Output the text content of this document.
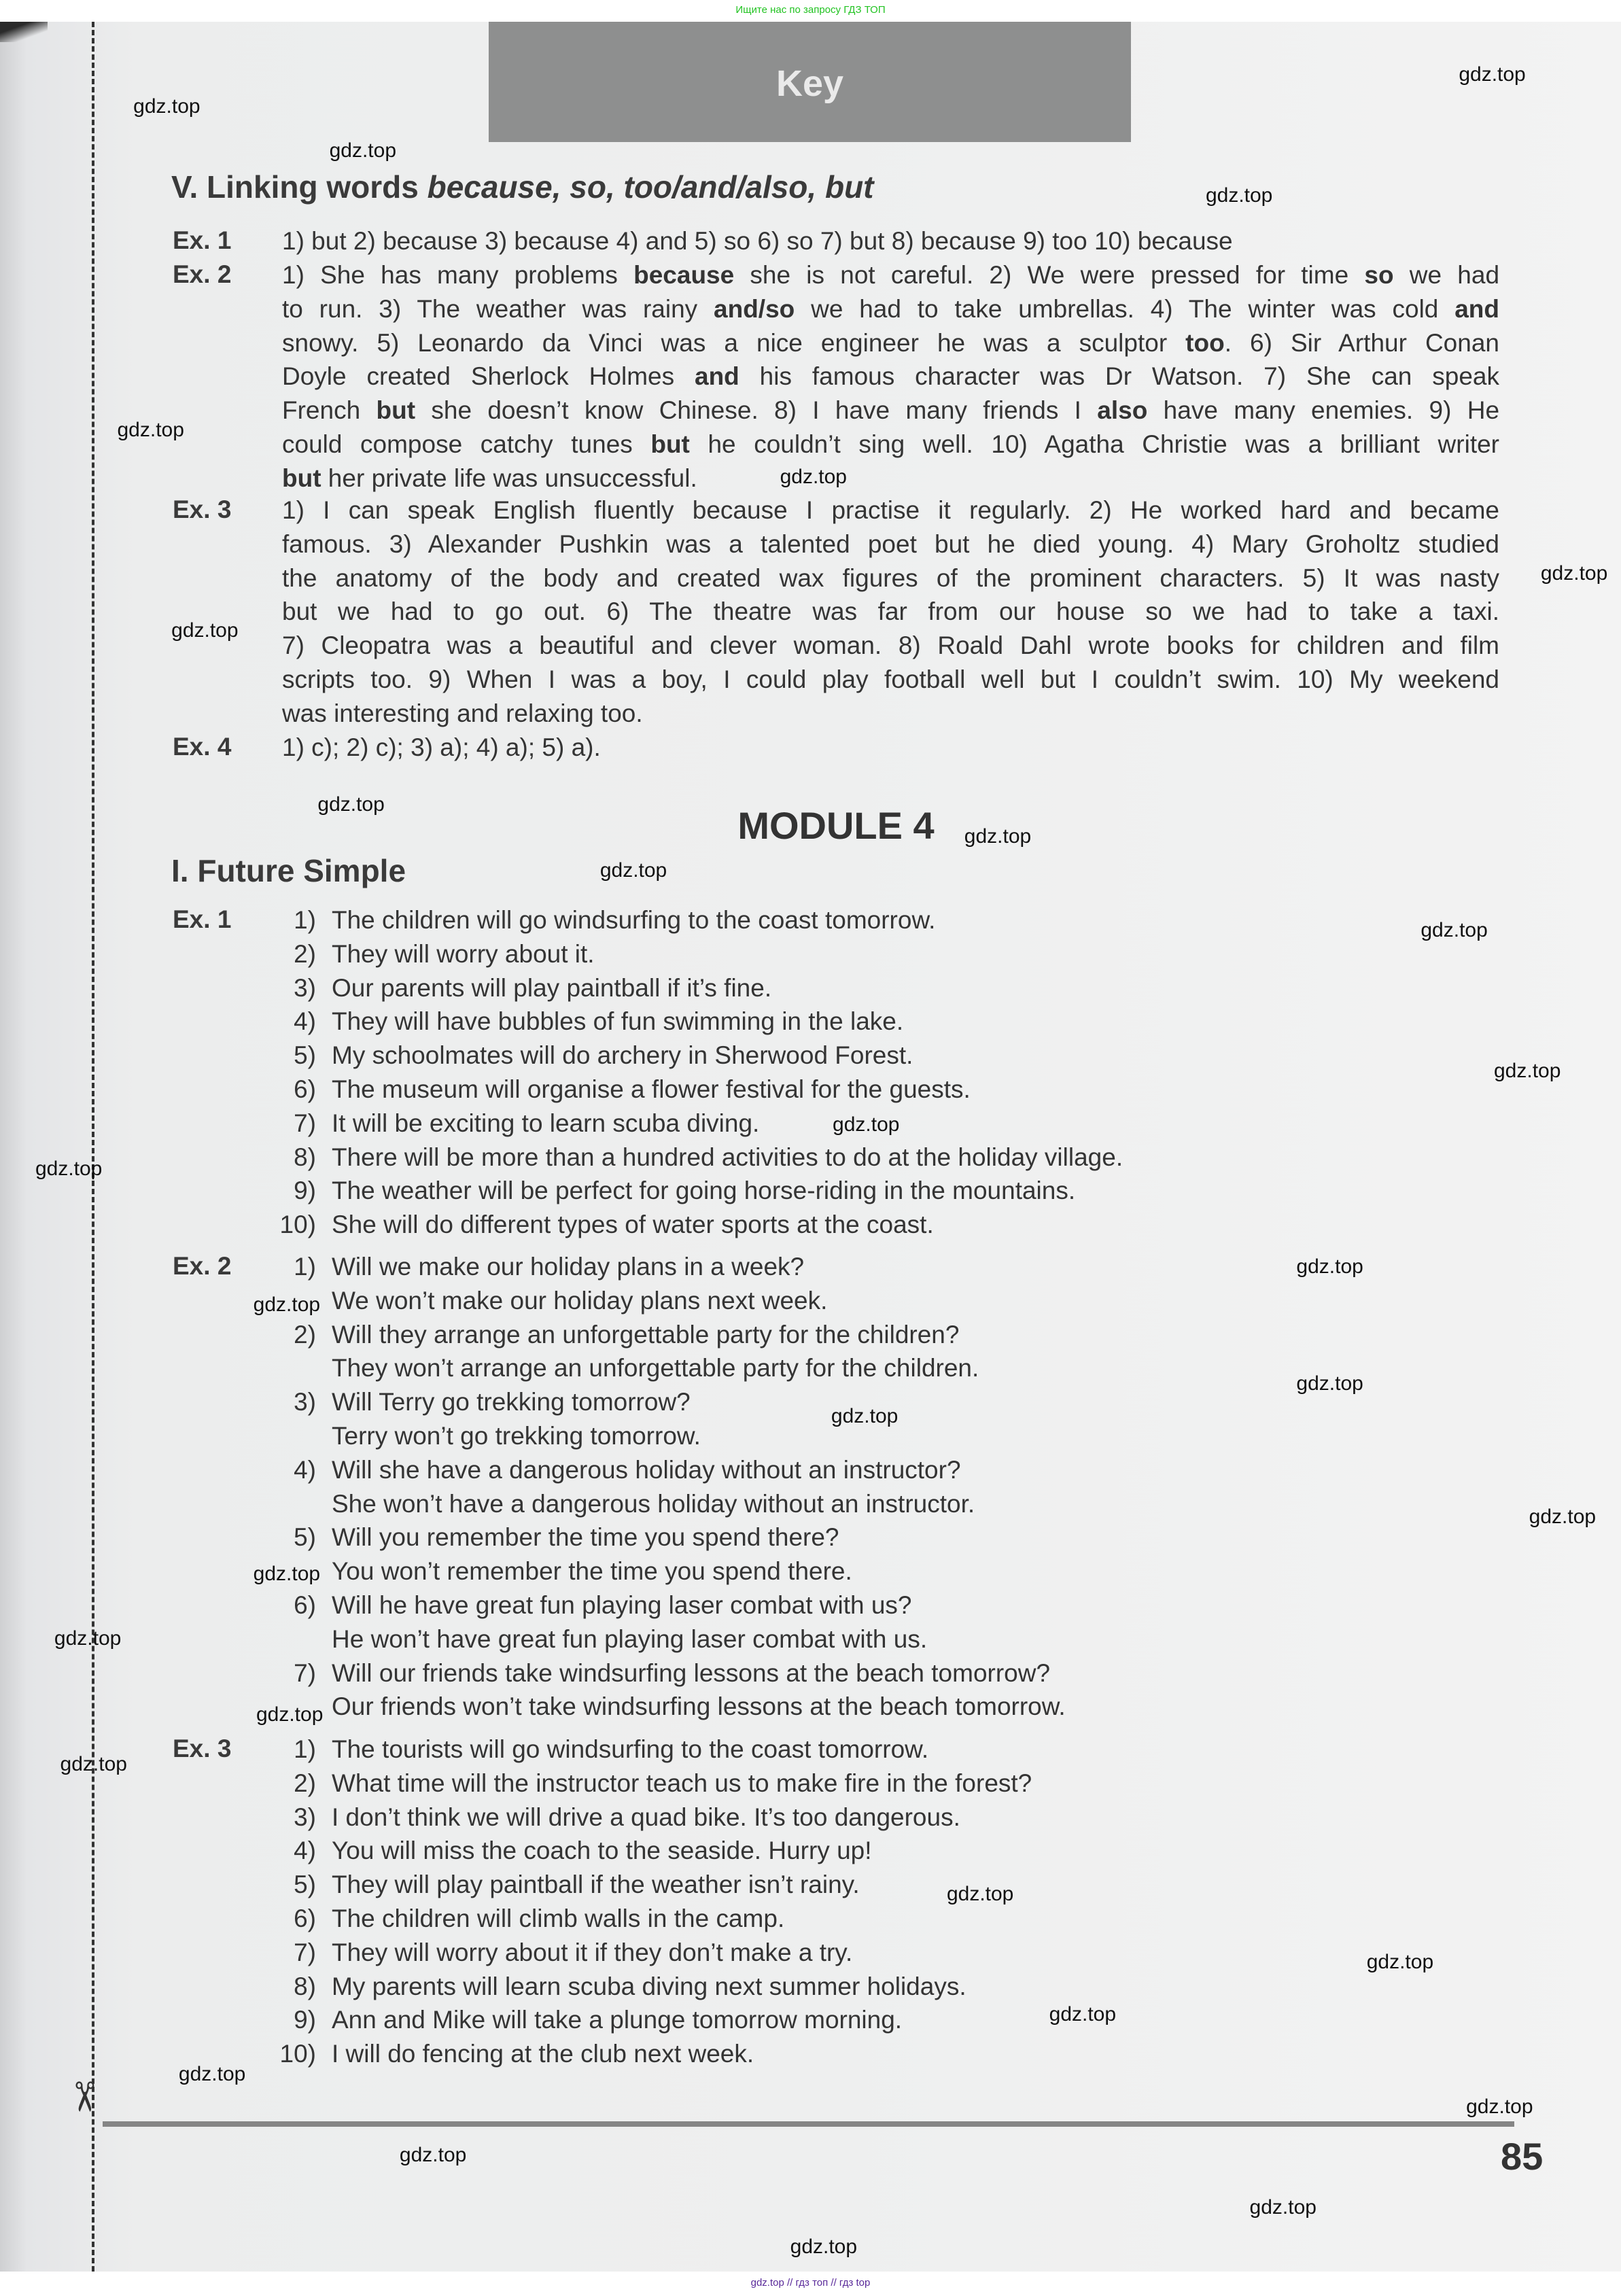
Ищите нас по запросу ГДЗ ТОП
Key
V. Linking words because, so, too/and/also, but
Ex. 1 1) but 2) because 3) because 4) and 5) so 6) so 7) but 8) because 9) too 10) because
Ex. 2 1) She has many problems because she is not careful. 2) We were pressed for time so we had
to run. 3) The weather was rainy and/so we had to take umbrellas. 4) The winter was cold and
snowy. 5) Leonardo da Vinci was a nice engineer he was a sculptor too. 6) Sir Arthur Conan
Doyle created Sherlock Holmes and his famous character was Dr Watson. 7) She can speak
French but she doesn’t know Chinese. 8) I have many friends I also have many enemies. 9) He
could compose catchy tunes but he couldn’t sing well. 10) Agatha Christie was a brilliant writer
but her private life was unsuccessful.
Ex. 3 1) I can speak English fluently because I practise it regularly. 2) He worked hard and became
famous. 3) Alexander Pushkin was a talented poet but he died young. 4) Mary Groholtz studied
the anatomy of the body and created wax figures of the prominent characters. 5) It was nasty
but we had to go out. 6) The theatre was far from our house so we had to take a taxi.
7) Cleopatra was a beautiful and clever woman. 8) Roald Dahl wrote books for children and film
scripts too. 9) When I was a boy, I could play football well but I couldn’t swim. 10) My weekend
was interesting and relaxing too.
Ex. 4 1) c); 2) c); 3) a); 4) a); 5) a).
Ex. 1	1) The children will go windsurfing to the coast tomorrow.
2) They will worry about it.
3) Our parents will play paintball if it’s fine.
4) They will have bubbles of fun swimming in the lake.
5) My schoolmates will do archery in Sherwood Forest.
6) The museum will organise a flower festival for the guests.
7) It will be exciting to learn scuba diving.
8) There will be more than a hundred activities to do at the holiday village.
9) The weather will be perfect for going horse-riding in the mountains.
10) She will do different types of water sports at the coast.
Ex. 2	1) Will we make our holiday plans in a week?
We won’t make our holiday plans next week.
2) Will they arrange an unforgettable party for the children?
They won’t arrange an unforgettable party for the children.
3) Will Terry go trekking tomorrow?
Terry won’t go trekking tomorrow.
4) Will she have a dangerous holiday without an instructor?
She won’t have a dangerous holiday without an instructor.
5) Will you remember the time you spend there?
You won’t remember the time you spend there.
6) Will he have great fun playing laser combat with us?
He won’t have great fun playing laser combat with us.
7) Will our friends take windsurfing lessons at the beach tomorrow?
Our friends won’t take windsurfing lessons at the beach tomorrow.
Ex. 3	1) The tourists will go windsurfing to the coast tomorrow.
2) What time will the instructor teach us to make fire in the forest?
3) I don’t think we will drive a quad bike. It’s too dangerous.
4) You will miss the coach to the seaside. Hurry up!
5) They will play paintball if the weather isn’t rainy.
6) The children will climb walls in the camp.
7) They will worry about it if they don’t make a try.
8) My parents will learn scuba diving next summer holidays.
9) Ann and Mike will take a plunge tomorrow morning.
10) I will do fencing at the club next week.
MODULE 4
I. Future Simple
✂
85
gdz.top
gdz.top
gdz.top
gdz.top
gdz.top
gdz.top
gdz.top
gdz.top
gdz.top
gdz.top
gdz.top
gdz.top
gdz.top
gdz.top
gdz.top
gdz.top
gdz.top
gdz.top
gdz.top
gdz.top
gdz.top
gdz.top
gdz.top
gdz.top
gdz.top
gdz.top
gdz.top
gdz.top
gdz.top
gdz.top
gdz.top
gdz.top
gdz.top // гдз топ // гдз top
